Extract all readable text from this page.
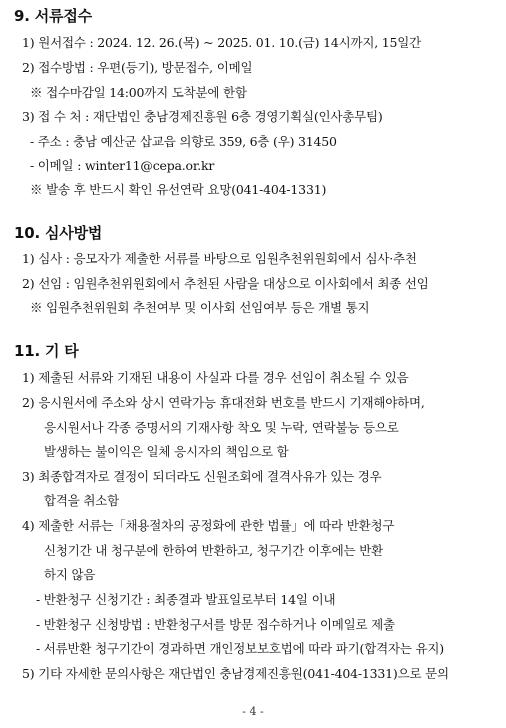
9. 서류접수
1) 원서접수 : 2024. 12. 26.(목) ~ 2025. 01. 10.(금) 14시까지, 15일간
2) 접수방법 : 우편(등기), 방문접수, 이메일
※ 접수마감일 14:00까지 도착분에 한함
3) 접 수 처 : 재단법인 충남경제진흥원 6층 경영기획실(인사총무팀)
- 주소 : 충남 예산군 삽교읍 의향로 359, 6층 (우) 31450
- 이메일 : winter11@cepa.or.kr
※ 발송 후 반드시 확인 유선연락 요망(041-404-1331)
10. 심사방법
1) 심사 : 응모자가 제출한 서류를 바탕으로 임원추천위원회에서 심사·추천
2) 선임 : 임원추천위원회에서 추천된 사람을 대상으로 이사회에서 최종 선임
※ 임원추천위원회 추천여부 및 이사회 선임여부 등은 개별 통지
11. 기 타
1) 제출된 서류와 기재된 내용이 사실과 다를 경우 선임이 취소될 수 있음
2) 응시원서에 주소와 상시 연락가능 휴대전화 번호를 반드시 기재해야하며,
응시원서나 각종 증명서의 기재사항 착오 및 누락, 연락불능 등으로
발생하는 불이익은 일체 응시자의 책임으로 함
3) 최종합격자로 결정이 되더라도 신원조회에 결격사유가 있는 경우
합격을 취소함
4) 제출한 서류는「채용절차의 공정화에 관한 법률」에 따라 반환청구
신청기간 내 청구분에 한하여 반환하고, 청구기간 이후에는 반환
하지 않음
- 반환청구 신청기간 : 최종결과 발표일로부터 14일 이내
- 반환청구 신청방법 : 반환청구서를 방문 접수하거나 이메일로 제출
- 서류반환 청구기간이 경과하면 개인정보보호법에 따라 파기(합격자는 유지)
5) 기타 자세한 문의사항은 재단법인 충남경제진흥원(041-404-1331)으로 문의
- 4 -
